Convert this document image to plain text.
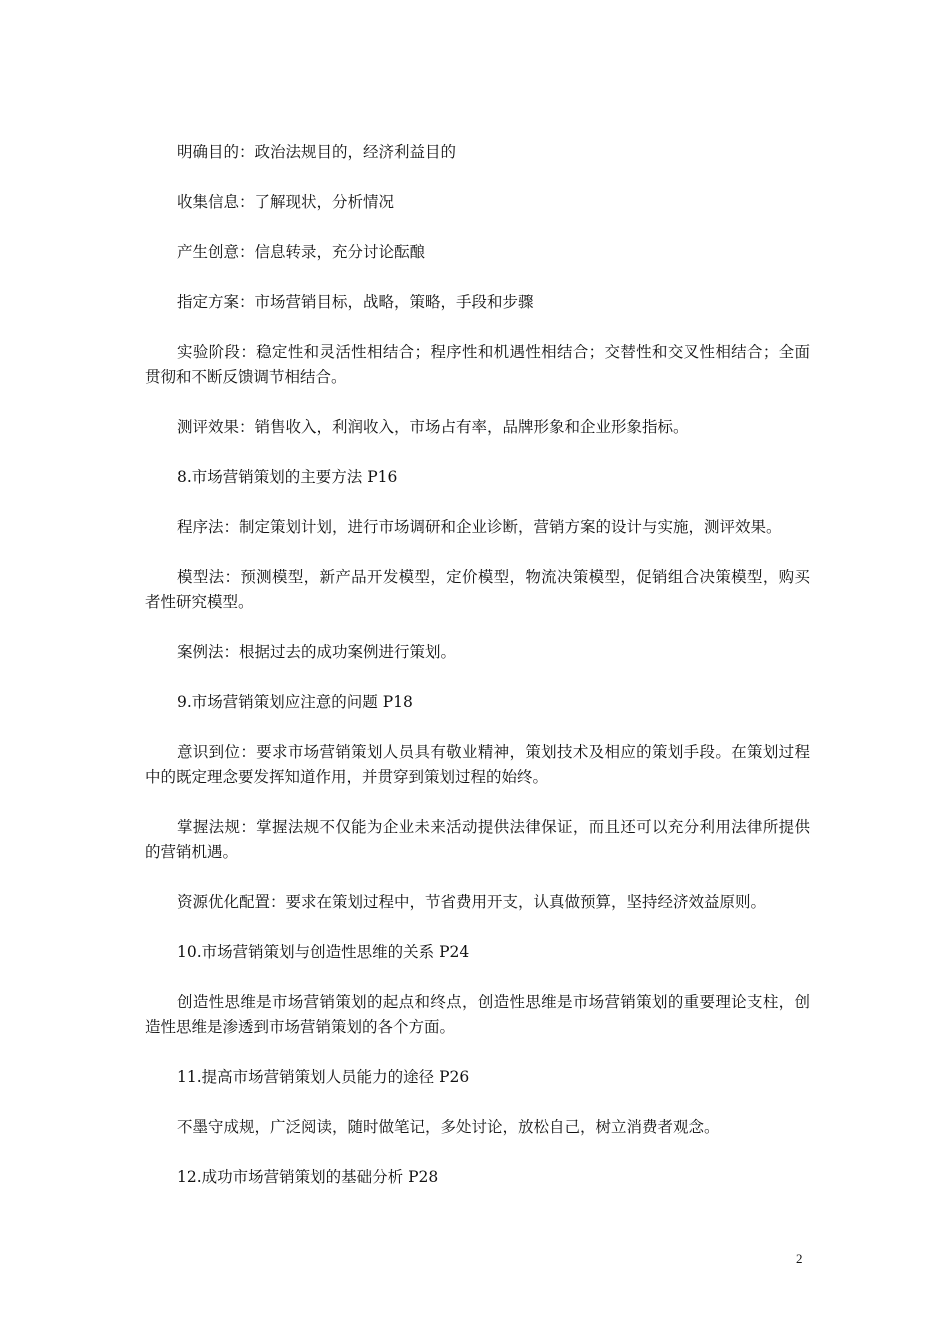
明确目的：政治法规目的，经济利益目的
收集信息：了解现状，分析情况
产生创意：信息转录，充分讨论酝酿
指定方案：市场营销目标，战略，策略，手段和步骤
实验阶段：稳定性和灵活性相结合；程序性和机遇性相结合；交替性和交叉性相结合；全面贯彻和不断反馈调节相结合。
测评效果：销售收入，利润收入，市场占有率，品牌形象和企业形象指标。
8.市场营销策划的主要方法 P16
程序法：制定策划计划，进行市场调研和企业诊断，营销方案的设计与实施，测评效果。
模型法：预测模型，新产品开发模型，定价模型，物流决策模型，促销组合决策模型，购买者性研究模型。
案例法：根据过去的成功案例进行策划。
9.市场营销策划应注意的问题 P18
意识到位：要求市场营销策划人员具有敬业精神，策划技术及相应的策划手段。在策划过程中的既定理念要发挥知道作用，并贯穿到策划过程的始终。
掌握法规：掌握法规不仅能为企业未来活动提供法律保证，而且还可以充分利用法律所提供的营销机遇。
资源优化配置：要求在策划过程中，节省费用开支，认真做预算，坚持经济效益原则。
10.市场营销策划与创造性思维的关系 P24
创造性思维是市场营销策划的起点和终点，创造性思维是市场营销策划的重要理论支柱，创造性思维是渗透到市场营销策划的各个方面。
11.提高市场营销策划人员能力的途径 P26
不墨守成规，广泛阅读，随时做笔记，多处讨论，放松自己，树立消费者观念。
12.成功市场营销策划的基础分析 P28
2
